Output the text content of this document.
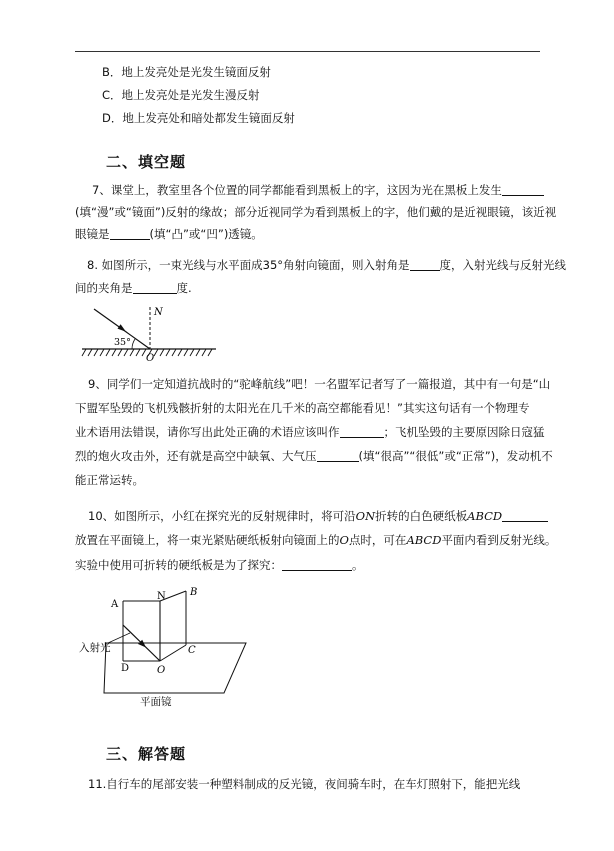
B．地上发亮处是光发生镜面反射
C．地上发亮处是光发生漫反射
D．地上发亮处和暗处都发生镜面反射
二、填空题
7、课堂上，教室里各个位置的同学都能看到黑板上的字，这因为光在黑板上发生
(填“漫”或“镜面”)反射的缘故；部分近视同学为看到黑板上的字，他们戴的是近视眼镜，该近视
眼镜是	(填“凸”或“凹”)透镜。
8. 如图所示，一束光线与水平面成35°角射向镜面，则入射角是	度，入射光线与反射光线
间的夹角是	度.
N
35°
O
9、同学们一定知道抗战时的“驼峰航线”吧！一名盟军记者写了一篇报道，其中有一句是“山
下盟军坠毁的飞机残骸折射的太阳光在几千米的高空都能看见！”其实这句话有一个物理专
业术语用法错误，请你写出此处正确的术语应该叫作	；飞机坠毁的主要原因除日寇猛
烈的炮火攻击外，还有就是高空中缺氧、大气压	(填“很高”“很低”或“正常”)，发动机不
能正常运转。
10、如图所示，小红在探究光的反射规律时，将可沿ON折转的白色硬纸板ABCD
放置在平面镜上，将一束光紧贴硬纸板射向镜面上的O点时，可在ABCD平面内看到反射光线。
实验中使用可折转的硬纸板是为了探究：	。
A
N B
C
D	O
入射光
平面镜
三、解答题
11.自行车的尾部安装一种塑料制成的反光镜，夜间骑车时，在车灯照射下，能把光线
